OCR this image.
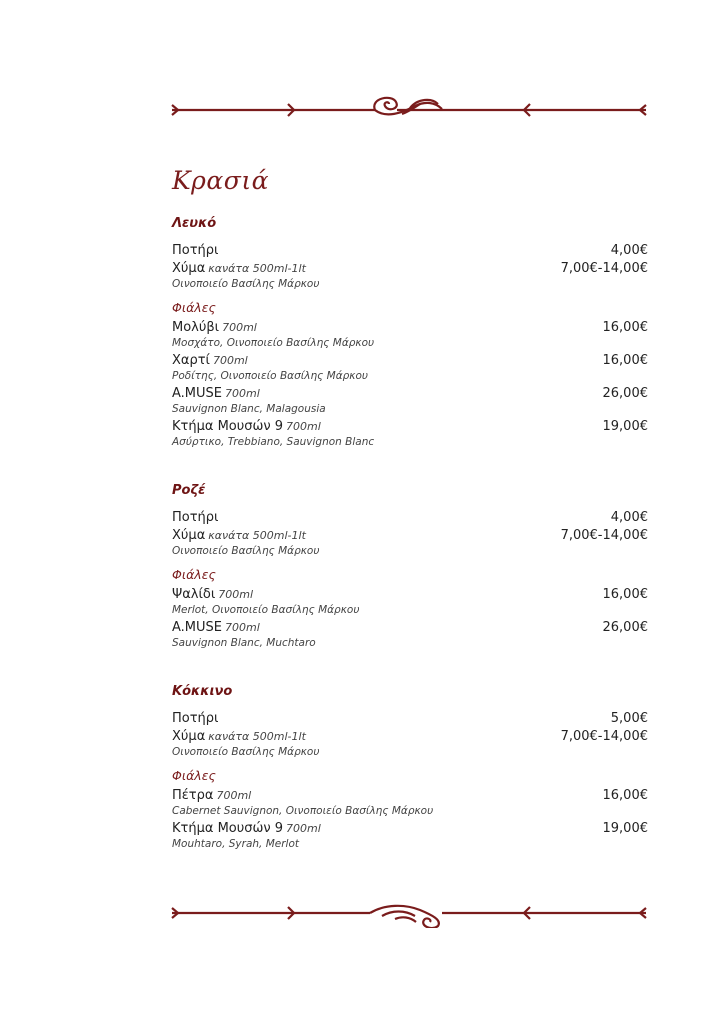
Κρασιά
Λευκό
Ποτήρι	4,00€
Χύμα κανάτα 500ml-1lt	7,00€-14,00€
Οινοποιείο Βασίλης Μάρκου
Φιάλες
Μολύβι 700ml	16,00€
Μοσχάτο, Οινοποιείο Βασίλης Μάρκου
Χαρτί 700ml	16,00€
Ροδίτης, Οινοποιείο Βασίλης Μάρκου
A.MUSE 700ml	26,00€
Sauvignon Blanc, Malagousia
Κτήμα Μουσών 9 700ml	19,00€
Ασύρτικο, Trebbiano, Sauvignon Blanc
Ροζέ
Ποτήρι	4,00€
Χύμα κανάτα 500ml-1lt	7,00€-14,00€
Οινοποιείο Βασίλης Μάρκου
Φιάλες
Ψαλίδι 700ml	16,00€
Merlot, Οινοποιείο Βασίλης Μάρκου
A.MUSE 700ml	26,00€
Sauvignon Blanc, Muchtaro
Κόκκινο
Ποτήρι	5,00€
Χύμα κανάτα 500ml-1lt	7,00€-14,00€
Οινοποιείο Βασίλης Μάρκου
Φιάλες
Πέτρα 700ml	16,00€
Cabernet Sauvignon, Οινοποιείο Βασίλης Μάρκου
Κτήμα Μουσών 9 700ml	19,00€
Mouhtaro, Syrah, Merlot
